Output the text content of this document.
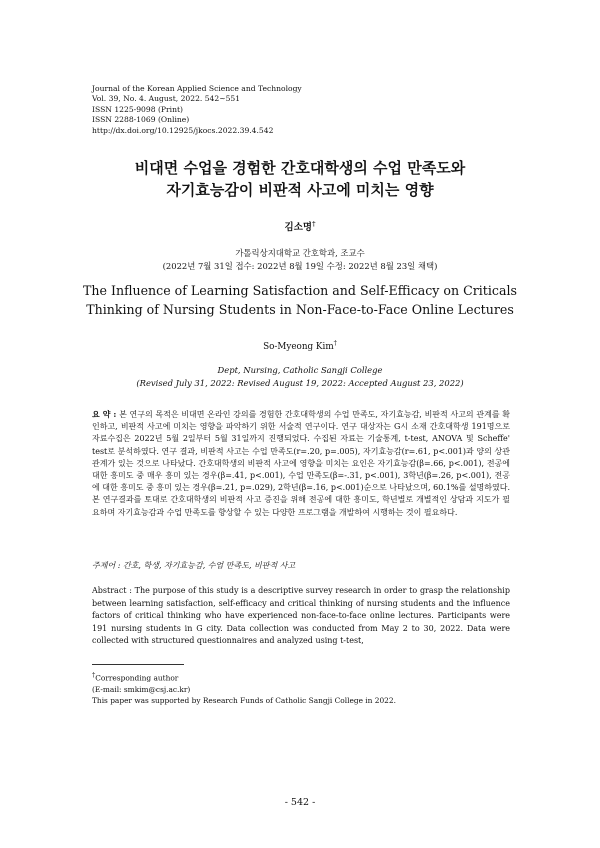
Journal of the Korean Applied Science and Technology
Vol. 39, No. 4. August, 2022. 542~551
ISSN 1225-9098 (Print)
ISSN 2288-1069 (Online)
http://dx.doi.org/10.12925/jkocs.2022.39.4.542
비대면 수업을 경험한 간호대학생의 수업 만족도와
자기효능감이 비판적 사고에 미치는 영향
김소명†
가톨릭상지대학교 간호학과, 조교수
(2022년 7월 31일 접수: 2022년 8월 19일 수정: 2022년 8월 23일 채택)
The Influence of Learning Satisfaction and Self-Efficacy on Criticals
Thinking of Nursing Students in Non-Face-to-Face Online Lectures
So-Myeong Kim†
Dept, Nursing, Catholic Sangji College
(Revised July 31, 2022: Revised August 19, 2022: Accepted August 23, 2022)
요 약 : 본 연구의 목적은 비대면 온라인 강의를 경험한 간호대학생의 수업 만족도, 자기효능감, 비판적 사고의 관계를 확인하고, 비판적 사고에 미치는 영향을 파악하기 위한 서술적 연구이다. 연구 대상자는 G시 소재 간호대학생 191명으로 자료수집은 2022년 5월 2일부터 5월 31일까지 진행되었다. 수집된 자료는 기술통계, t-test, ANOVA 및 Scheffe' test로 분석하였다. 연구 결과, 비판적 사고는 수업 만족도(r=.20, p=.005), 자기효능감(r=.61, p<.001)과 양의 상관관계가 있는 것으로 나타났다. 간호대학생의 비판적 사고에 영향을 미치는 요인은 자기효능감(β=.66, p<.001), 전공에 대한 흥미도 중 매우 흥미 있는 경우(β=.41, p<.001), 수업 만족도(β=-.31, p<.001), 3학년(β=.26, p<.001), 전공에 대한 흥미도 중 흥미 있는 경우(β=.21, p=.029), 2학년(β=.16, p<.001)순으로 나타났으며, 60.1%를 설명하였다. 본 연구결과를 토대로 간호대학생의 비판적 사고 증진을 위해 전공에 대한 흥미도, 학년별로 개별적인 상담과 지도가 필요하며 자기효능감과 수업 만족도를 향상할 수 있는 다양한 프로그램을 개발하여 시행하는 것이 필요하다.
주제어 : 간호, 학생, 자기효능감, 수업 만족도, 비판적 사고
Abstract : The purpose of this study is a descriptive survey research in order to grasp the relationship between learning satisfaction, self-efficacy and critical thinking of nursing students and the influence factors of critical thinking who have experienced non-face-to-face online lectures. Participants were 191 nursing students in G city. Data collection was conducted from May 2 to 30, 2022. Data were collected with structured questionnaires and analyzed using t-test,
†Corresponding author
(E-mail: smkim@csj.ac.kr)
This paper was supported by Research Funds of Catholic Sangji College in 2022.
- 542 -
